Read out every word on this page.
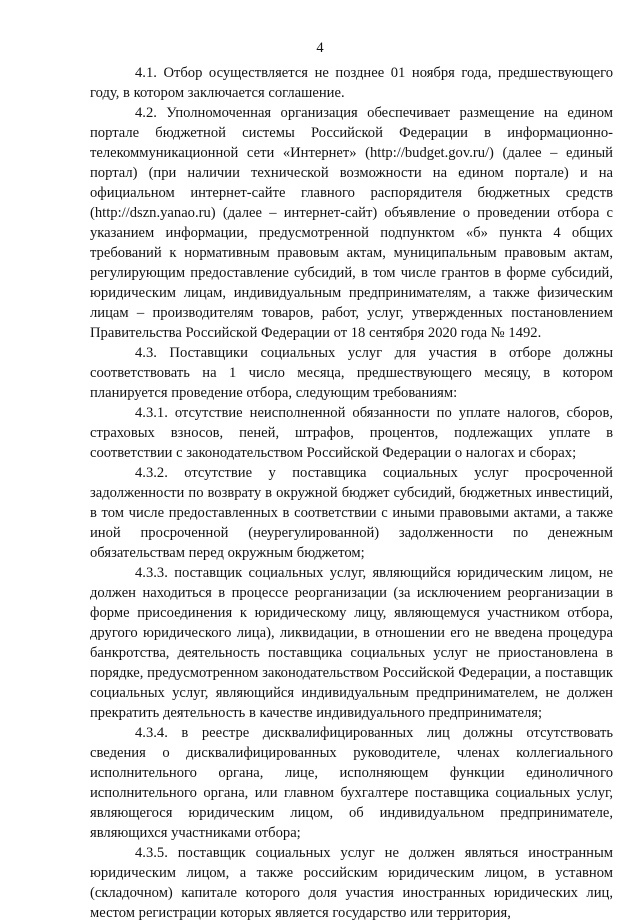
4

4.1. Отбор осуществляется не позднее 01 ноября года, предшествующего году, в котором заключается соглашение.

4.2. Уполномоченная организация обеспечивает размещение на едином портале бюджетной системы Российской Федерации в информационно-телекоммуникационной сети «Интернет» (http://budget.gov.ru/) (далее – единый портал) (при наличии технической возможности на едином портале) и на официальном интернет-сайте главного распорядителя бюджетных средств (http://dszn.yanao.ru) (далее – интернет-сайт) объявление о проведении отбора с указанием информации, предусмотренной подпунктом «б» пункта 4 общих требований к нормативным правовым актам, муниципальным правовым актам, регулирующим предоставление субсидий, в том числе грантов в форме субсидий, юридическим лицам, индивидуальным предпринимателям, а также физическим лицам – производителям товаров, работ, услуг, утвержденных постановлением Правительства Российской Федерации от 18 сентября 2020 года № 1492.

4.3. Поставщики социальных услуг для участия в отборе должны соответствовать на 1 число месяца, предшествующего месяцу, в котором планируется проведение отбора, следующим требованиям:

4.3.1. отсутствие неисполненной обязанности по уплате налогов, сборов, страховых взносов, пеней, штрафов, процентов, подлежащих уплате в соответствии с законодательством Российской Федерации о налогах и сборах;

4.3.2. отсутствие у поставщика социальных услуг просроченной задолженности по возврату в окружной бюджет субсидий, бюджетных инвестиций, в том числе предоставленных в соответствии с иными правовыми актами, а также иной просроченной (неурегулированной) задолженности по денежным обязательствам перед окружным бюджетом;

4.3.3. поставщик социальных услуг, являющийся юридическим лицом, не должен находиться в процессе реорганизации (за исключением реорганизации в форме присоединения к юридическому лицу, являющемуся участником отбора, другого юридического лица), ликвидации, в отношении его не введена процедура банкротства, деятельность поставщика социальных услуг не приостановлена в порядке, предусмотренном законодательством Российской Федерации, а поставщик социальных услуг, являющийся индивидуальным предпринимателем, не должен прекратить деятельность в качестве индивидуального предпринимателя;

4.3.4. в реестре дисквалифицированных лиц должны отсутствовать сведения о дисквалифицированных руководителе, членах коллегиального исполнительного органа, лице, исполняющем функции единоличного исполнительного органа, или главном бухгалтере поставщика социальных услуг, являющегося юридическим лицом, об индивидуальном предпринимателе, являющихся участниками отбора;

4.3.5. поставщик социальных услуг не должен являться иностранным юридическим лицом, а также российским юридическим лицом, в уставном (складочном) капитале которого доля участия иностранных юридических лиц, местом регистрации которых является государство или территория,
